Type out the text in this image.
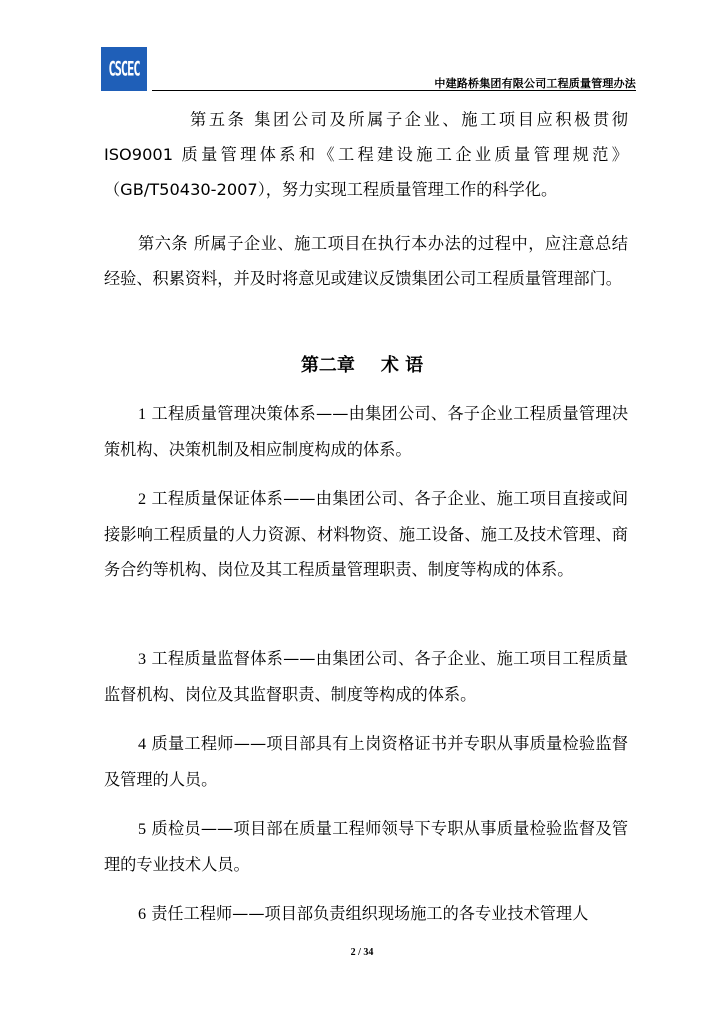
CSCEC
中建路桥集团有限公司工程质量管理办法

第五条 集团公司及所属子企业、施工项目应积极贯彻ISO9001 质量管理体系和《工程建设施工企业质量管理规范》（GB/T50430-2007），努力实现工程质量管理工作的科学化。

第六条 所属子企业、施工项目在执行本办法的过程中，应注意总结经验、积累资料，并及时将意见或建议反馈集团公司工程质量管理部门。

第二章 术 语

1 工程质量管理决策体系——由集团公司、各子企业工程质量管理决策机构、决策机制及相应制度构成的体系。

2 工程质量保证体系——由集团公司、各子企业、施工项目直接或间接影响工程质量的人力资源、材料物资、施工设备、施工及技术管理、商务合约等机构、岗位及其工程质量管理职责、制度等构成的体系。

3 工程质量监督体系——由集团公司、各子企业、施工项目工程质量监督机构、岗位及其监督职责、制度等构成的体系。

4 质量工程师——项目部具有上岗资格证书并专职从事质量检验监督及管理的人员。

5 质检员——项目部在质量工程师领导下专职从事质量检验监督及管理的专业技术人员。

6 责任工程师——项目部负责组织现场施工的各专业技术管理人

2 / 34
